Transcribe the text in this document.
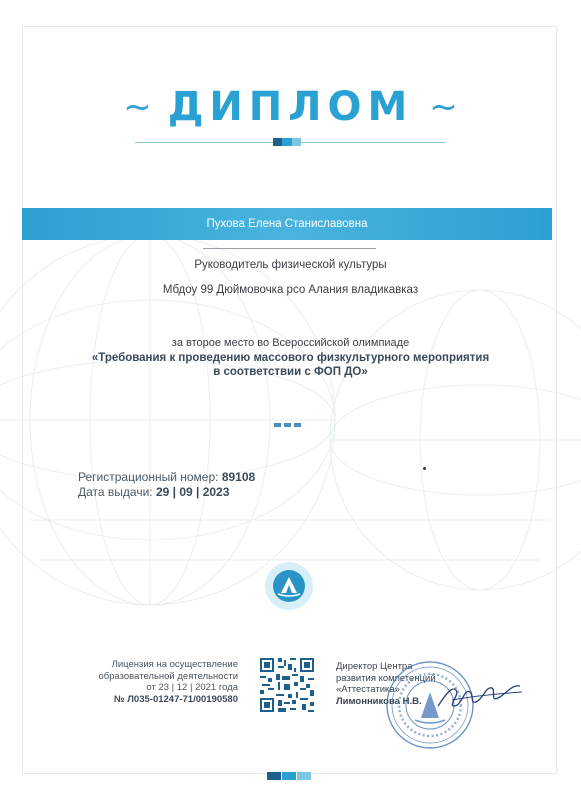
~ ДИПЛОМ ~
Пухова Елена Станиславовна
Руководитель физической культуры
Мбдоу 99 Дюймовочка рсо Алания владикавказ
за второе место во Всероссийской олимпиаде
«Требования к проведению массового физкультурного мероприятия
в соответствии с ФОП ДО»
Регистрационный номер: 89108
Дата выдачи: 29 | 09 | 2023
Лицензия на осуществление
образовательной деятельности
от 23 | 12 | 2021 года
№ Л035-01247-71/00190580
Директор Центра
развития компетенций
«Аттестатика»
Лимонникова Н.В.
